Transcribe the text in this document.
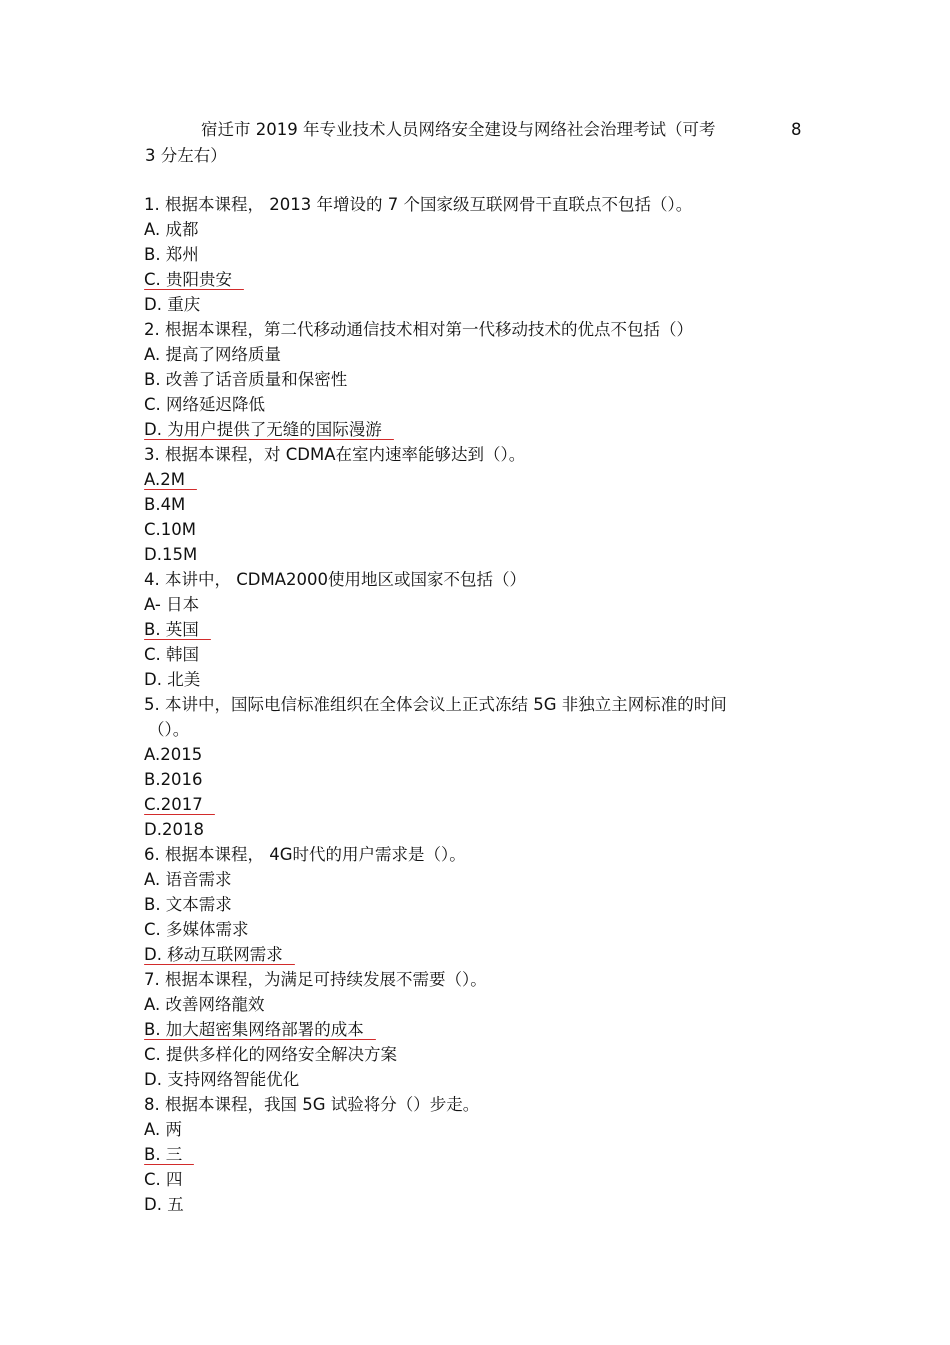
宿迁市 2019 年专业技术人员网络安全建设与网络社会治理考试（可考	8
3 分左右）
1. 根据本课程， 2013 年增设的 7 个国家级互联网骨干直联点不包括（）。
A. 成都
B. 郑州
C. 贵阳贵安
D. 重庆
2. 根据本课程，第二代移动通信技术相对第一代移动技术的优点不包括（）
A. 提高了网络质量
B. 改善了话音质量和保密性
C. 网络延迟降低
D. 为用户提供了无缝的国际漫游
3. 根据本课程，对 CDMA在室内速率能够达到（）。
A.2M
B.4M
C.10M
D.15M
4. 本讲中， CDMA2000使用地区或国家不包括（）
A- 日本
B. 英国
C. 韩国
D. 北美
5. 本讲中，国际电信标准组织在全体会议上正式冻结 5G 非独立主网标准的时间
（）。
A.2015
B.2016
C.2017
D.2018
6. 根据本课程， 4G时代的用户需求是（）。
A. 语音需求
B. 文本需求
C. 多媒体需求
D. 移动互联网需求
7. 根据本课程，为满足可持续发展不需要（）。
A. 改善网络龍效
B. 加大超密集网络部署的成本
C. 提供多样化的网络安全解决方案
D. 支持网络智能优化
8. 根据本课程，我国 5G 试验将分（）步走。
A. 两
B. 三
C. 四
D. 五
